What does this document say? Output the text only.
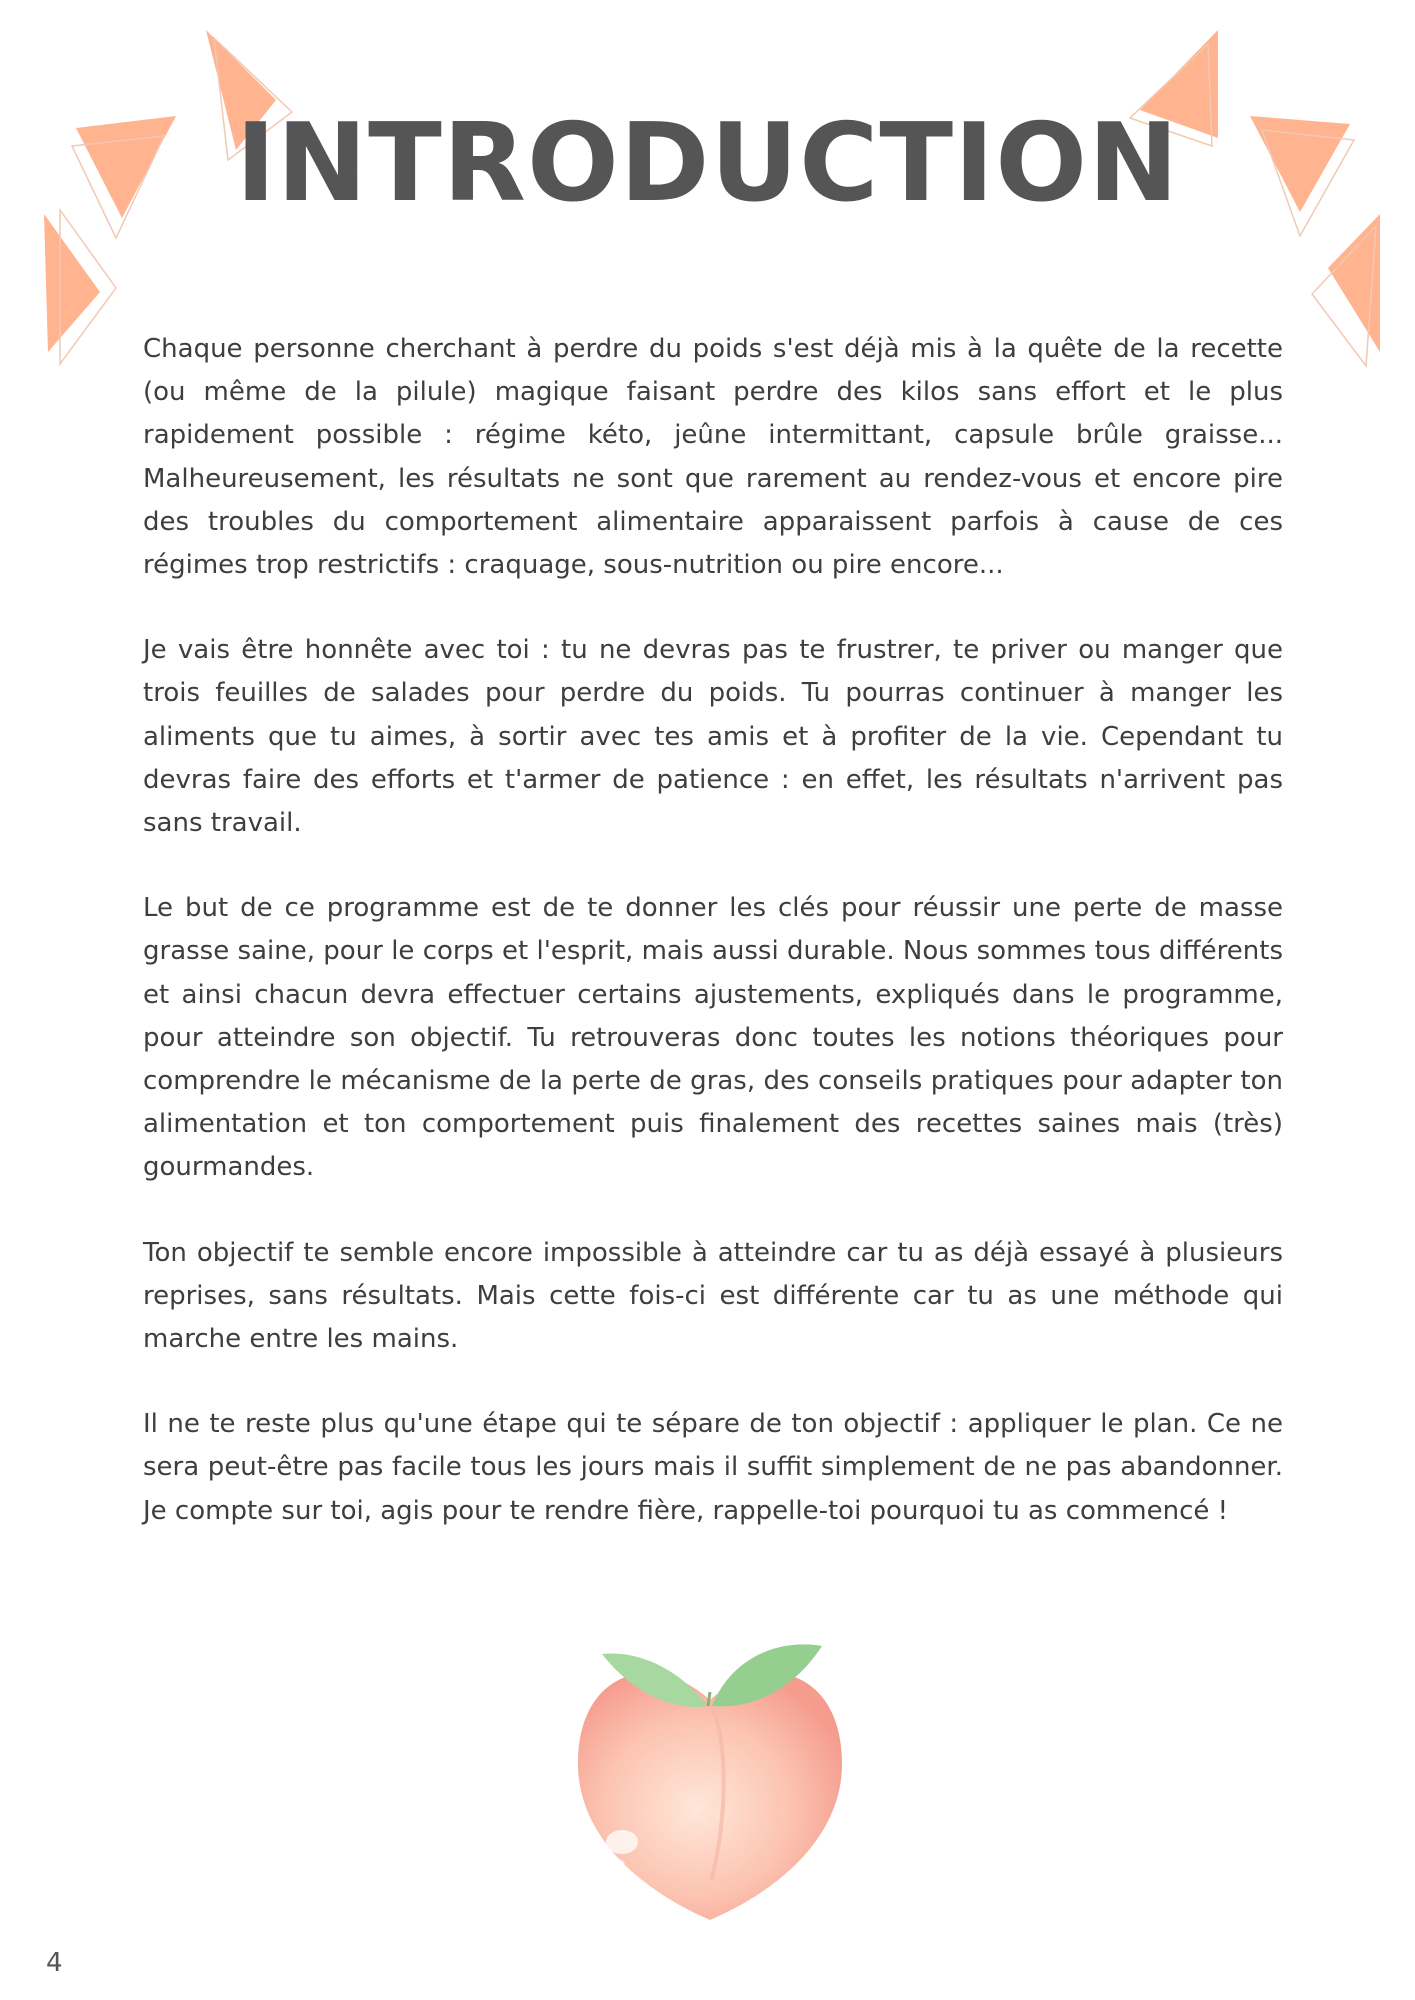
INTRODUCTION

Chaque personne cherchant à perdre du poids s'est déjà mis à la quête de la recette (ou même de la pilule) magique faisant perdre des kilos sans effort et le plus rapidement possible : régime kéto, jeûne intermittant, capsule brûle graisse... Malheureusement, les résultats ne sont que rarement au rendez-vous et encore pire des troubles du comportement alimentaire apparaissent parfois à cause de ces régimes trop restrictifs : craquage, sous-nutrition ou pire encore...

Je vais être honnête avec toi : tu ne devras pas te frustrer, te priver ou manger que trois feuilles de salades pour perdre du poids. Tu pourras continuer à manger les aliments que tu aimes, à sortir avec tes amis et à profiter de la vie. Cependant tu devras faire des efforts et t'armer de patience : en effet, les résultats n'arrivent pas sans travail.

Le but de ce programme est de te donner les clés pour réussir une perte de masse grasse saine, pour le corps et l'esprit, mais aussi durable. Nous sommes tous différents et ainsi chacun devra effectuer certains ajustements, expliqués dans le programme, pour atteindre son objectif. Tu retrouveras donc toutes les notions théoriques pour comprendre le mécanisme de la perte de gras, des conseils pratiques pour adapter ton alimentation et ton comportement puis finalement des recettes saines mais (très) gourmandes.

Ton objectif te semble encore impossible à atteindre car tu as déjà essayé à plusieurs reprises, sans résultats. Mais cette fois-ci est différente car tu as une méthode qui marche entre les mains.

Il ne te reste plus qu'une étape qui te sépare de ton objectif : appliquer le plan. Ce ne sera peut-être pas facile tous les jours mais il suffit simplement de ne pas abandonner. Je compte sur toi, agis pour te rendre fière, rappelle-toi pourquoi tu as commencé !

4
